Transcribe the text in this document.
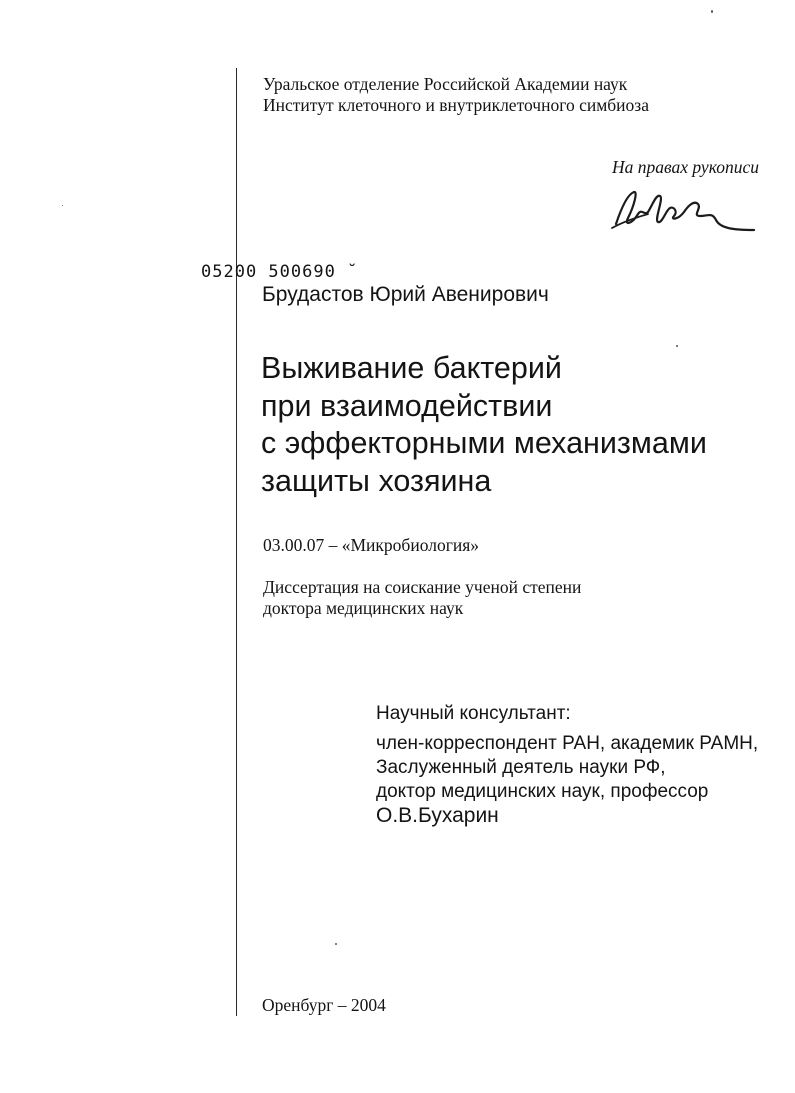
Уральское отделение Российской Академии наук
Институт клеточного и внутриклеточного симбиоза
На правах рукописи
05200 500690 ˘
Брудастов Юрий Авенирович
Выживание бактерий
при взаимодействии
с эффекторными механизмами
защиты хозяина
03.00.07 – «Микробиология»
Диссертация на соискание ученой степени
доктора медицинских наук
Научный консультант:
член-корреспондент РАН, академик РАМН,
Заслуженный деятель науки РФ,
доктор медицинских наук, профессор
О.В.Бухарин
Оренбург – 2004
